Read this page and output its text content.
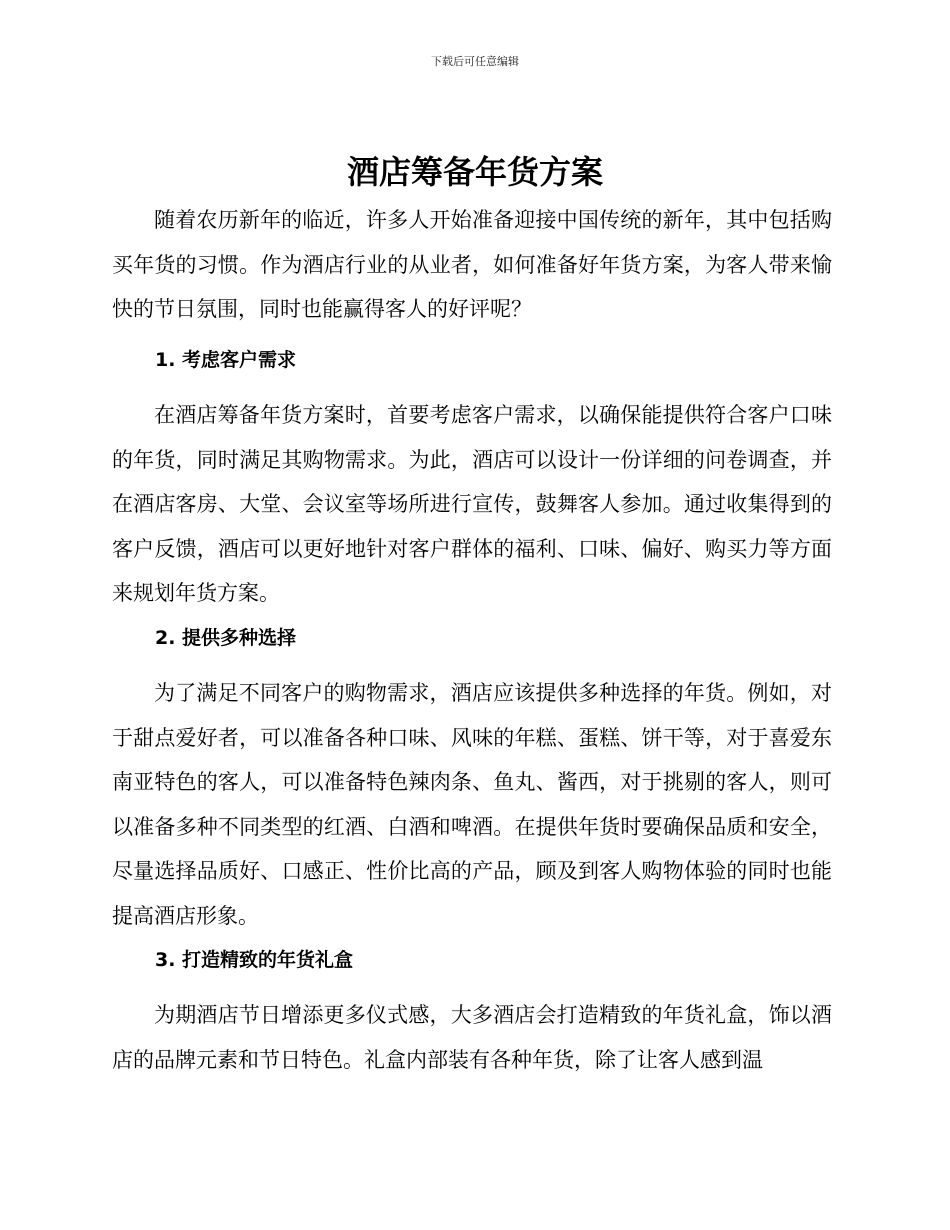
下载后可任意编辑
酒店筹备年货方案

随着农历新年的临近，许多人开始准备迎接中国传统的新年，其中包括购买年货的习惯。作为酒店行业的从业者，如何准备好年货方案，为客人带来愉快的节日氛围，同时也能赢得客人的好评呢？

1. 考虑客户需求

在酒店筹备年货方案时，首要考虑客户需求，以确保能提供符合客户口味的年货，同时满足其购物需求。为此，酒店可以设计一份详细的问卷调查，并在酒店客房、大堂、会议室等场所进行宣传，鼓舞客人参加。通过收集得到的客户反馈，酒店可以更好地针对客户群体的福利、口味、偏好、购买力等方面来规划年货方案。

2. 提供多种选择

为了满足不同客户的购物需求，酒店应该提供多种选择的年货。例如，对于甜点爱好者，可以准备各种口味、风味的年糕、蛋糕、饼干等，对于喜爱东南亚特色的客人，可以准备特色辣肉条、鱼丸、酱西，对于挑剔的客人，则可以准备多种不同类型的红酒、白酒和啤酒。在提供年货时要确保品质和安全，尽量选择品质好、口感正、性价比高的产品，顾及到客人购物体验的同时也能提高酒店形象。

3. 打造精致的年货礼盒

为期酒店节日增添更多仪式感，大多酒店会打造精致的年货礼盒，饰以酒店的品牌元素和节日特色。礼盒内部装有各种年货，除了让客人感到温
